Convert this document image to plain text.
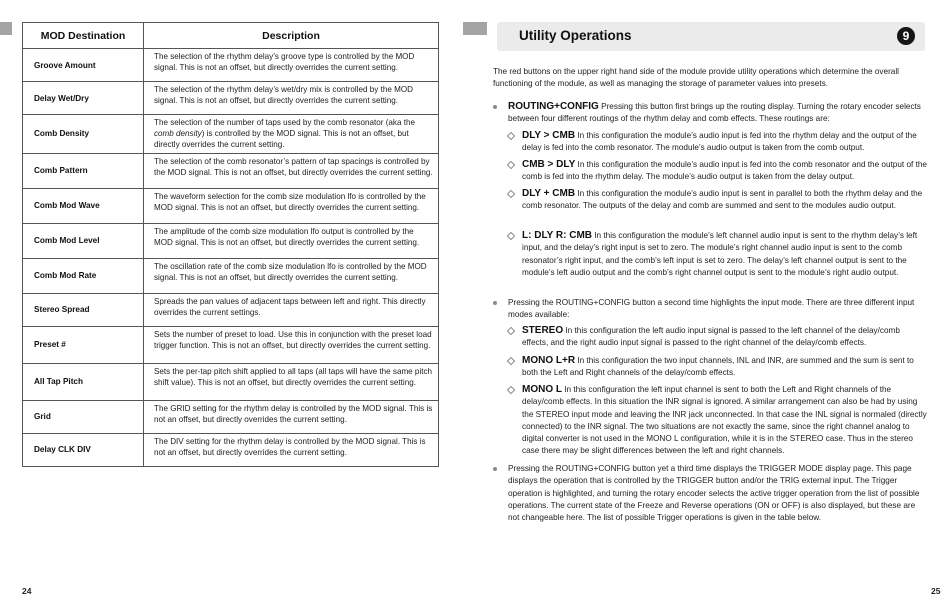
MOD Destination	Description
Groove Amount	The selection of the rhythm delay’s groove type is controlled by the MOD signal. This is not an offset, but directly overrides the current setting.
Delay Wet/Dry	The selection of the rhythm delay’s wet/dry mix is controlled by the MOD signal. This is not an offset, but directly overrides the current setting.
Comb Density	The selection of the number of taps used by the comb resonator (aka the comb density) is controlled by the MOD signal. This is not an offset, but directly overrides the current setting.
Comb Pattern	The selection of the comb resonator’s pattern of tap spacings is controlled by the MOD signal. This is not an offset, but directly overrides the current setting.
Comb Mod Wave	The waveform selection for the comb size modulation lfo is controlled by the MOD signal. This is not an offset, but directly overrides the current setting.
Comb Mod Level	The amplitude of the comb size modulation lfo output is controlled by the MOD signal. This is not an offset, but directly overrides the current setting.
Comb Mod Rate	The oscillation rate of the comb size modulation lfo is controlled by the MOD signal. This is not an offset, but directly overrides the current setting.
Stereo Spread	Spreads the pan values of adjacent taps between left and right. This directly overrides the current settings.
Preset #	Sets the number of preset to load. Use this in conjunction with the preset load trigger function. This is not an offset, but directly overrides the current setting.
All Tap Pitch	Sets the per-tap pitch shift applied to all taps (all taps will have the same pitch shift value). This is not an offset, but directly overrides the current setting.
Grid	The GRID setting for the rhythm delay is controlled by the MOD signal. This is not an offset, but directly overrides the current setting.
Delay CLK DIV	The DIV setting for the rhythm delay is controlled by the MOD signal. This is not an offset, but directly overrides the current setting.
24
Utility Operations	9
The red buttons on the upper right hand side of the module provide utility operations which determine the overall functioning of the module, as well as managing the storage of parameter values into presets.
ROUTING+CONFIG Pressing this button first brings up the routing display. Turning the rotary encoder selects between four different routings of the rhythm delay and comb effects. These routings are:
DLY > CMB In this configuration the module’s audio input is fed into the rhythm delay and the output of the delay is fed into the comb resonator. The module’s audio output is taken from the comb output.
CMB > DLY In this configuration the module’s audio input is fed into the comb resonator and the output of the comb is fed into the rhythm delay. The module’s audio output is taken from the delay output.
DLY + CMB In this configuration the module’s audio input is sent in parallel to both the rhythm delay and the comb resonator. The outputs of the delay and comb are summed and sent to the modules audio output.
L: DLY R: CMB In this configuration the module’s left channel audio input is sent to the rhythm delay’s left input, and the delay’s right input is set to zero. The module’s right channel audio input is sent to the comb resonator’s right input, and the comb’s left input is set to zero. The delay’s left channel output is sent to the module’s left audio output and the comb’s right channel output is sent to the module’s right audio output.
Pressing the ROUTING+CONFIG button a second time highlights the input mode. There are three different input modes available:
STEREO In this configuration the left audio input signal is passed to the left channel of the delay/comb effects, and the right audio input signal is passed to the right channel of the delay/comb effects.
MONO L+R In this configuration the two input channels, INL and INR, are summed and the sum is sent to both the Left and Right channels of the delay/comb effects.
MONO L In this configuration the left input channel is sent to both the Left and Right channels of the delay/comb effects. In this situation the INR signal is ignored. A similar arrangement can also be had by using the STEREO input mode and leaving the INR jack unconnected. In that case the INL signal is normaled (directly connected) to the INR signal. The two situations are not exactly the same, since the right channel analog to digital converter is not used in the MONO L configuration, while it is in the STEREO case. Thus in the stereo case there may be slight differences between the left and right channels.
Pressing the ROUTING+CONFIG button yet a third time displays the TRIGGER MODE display page. This page displays the operation that is controlled by the TRIGGER button and/or the TRIG external input. The Trigger operation is highlighted, and turning the rotary encoder selects the active trigger operation from the list of possible operations. The current state of the Freeze and Reverse operations (ON or OFF) is also displayed, but these are not changeable here. The list of possible Trigger operations is given in the table below.
25
